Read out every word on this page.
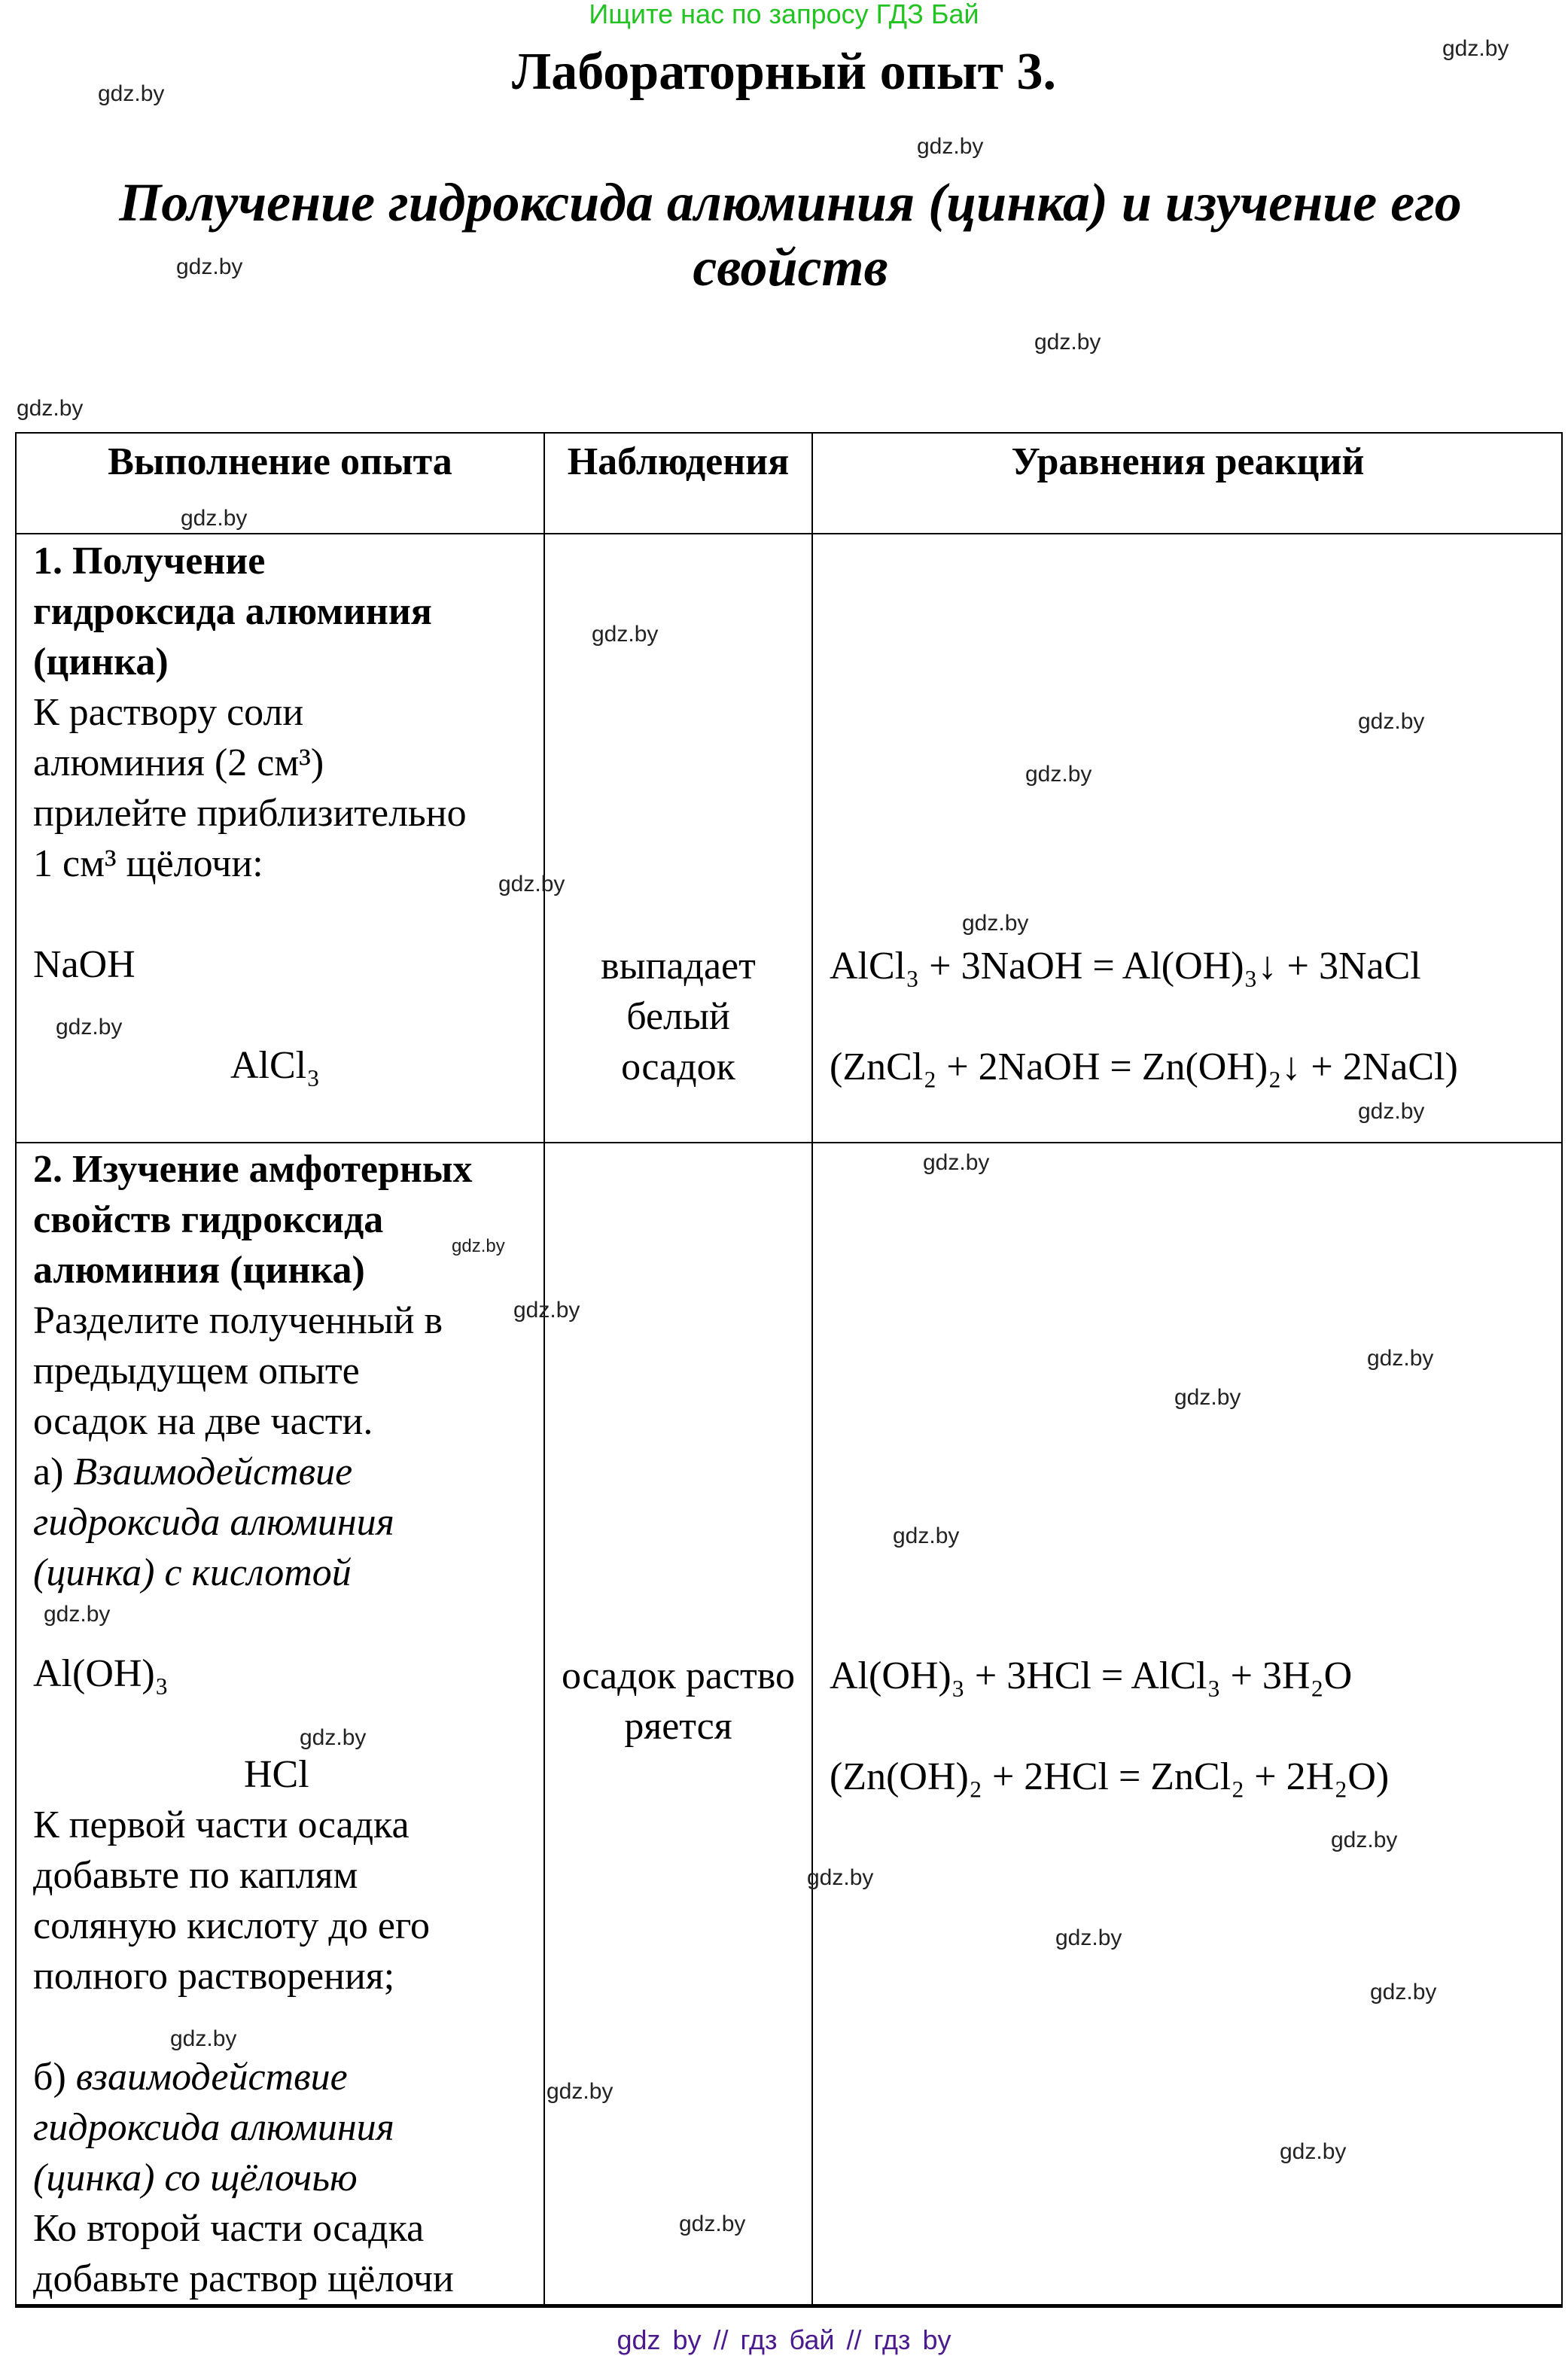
Ищите нас по запросу ГДЗ Бай
Лабораторный опыт 3.
Получение гидроксида алюминия (цинка) и изучение его свойств
Выполнение опыта	Наблюдения	Уравнения реакций
1. Получение
гидроксида алюминия
(цинка)
К раствору соли
алюминия (2 см³)
прилейте приблизительно
1 см³ щёлочи:
NaOH
AlCl₃
выпадает
белый
осадок
AlCl₃ + 3NaOH = Al(OH)₃↓ + 3NaCl
(ZnCl₂ + 2NaOH = Zn(OH)₂↓ + 2NaCl)
2. Изучение амфотерных
свойств гидроксида
алюминия (цинка)
Разделите полученный в
предыдущем опыте
осадок на две части.
а) Взаимодействие
гидроксида алюминия
(цинка) с кислотой
Al(OH)₃
HCl
К первой части осадка
добавьте по каплям
соляную кислоту до его
полного растворения;
б) взаимодействие
гидроксида алюминия
(цинка) со щёлочью
Ко второй части осадка
добавьте раствор щёлочи
осадок растворяется
Al(OH)₃ + 3HCl = AlCl₃ + 3H₂O
(Zn(OH)₂ + 2HCl = ZnCl₂ + 2H₂O)
gdz.by
gdz.by
gdz.by
gdz.by
gdz.by
gdz.by
gdz.by
gdz.by
gdz.by
gdz.by
gdz.by
gdz.by
gdz.by
gdz.by
gdz.by
gdz.by
gdz.by
gdz.by
gdz.by
gdz.by
gdz.by
gdz.by
gdz.by
gdz.by
gdz.by
gdz.by
gdz.by
gdz.by
gdz.by
gdz.by
gdz by // гдз бай // гдз by
